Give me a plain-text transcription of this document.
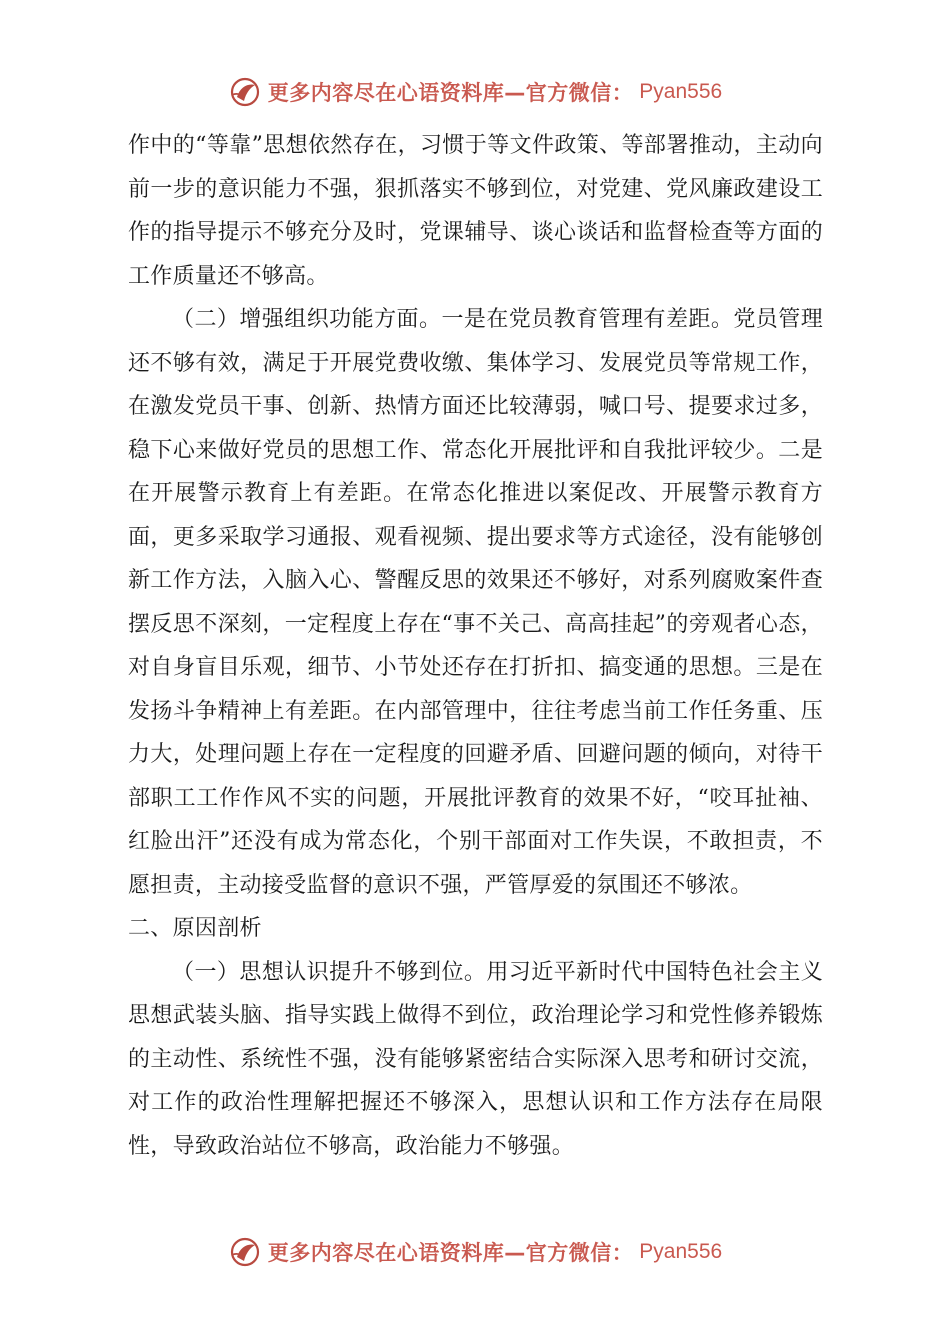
更多内容尽在心语资料库—官方微信： Pyan556

作中的“等靠”思想依然存在，习惯于等文件政策、等部署推动，主动向前一步的意识能力不强，狠抓落实不够到位，对党建、党风廉政建设工作的指导提示不够充分及时，党课辅导、谈心谈话和监督检查等方面的工作质量还不够高。

（二）增强组织功能方面。一是在党员教育管理有差距。党员管理还不够有效，满足于开展党费收缴、集体学习、发展党员等常规工作，在激发党员干事、创新、热情方面还比较薄弱，喊口号、提要求过多，稳下心来做好党员的思想工作、常态化开展批评和自我批评较少。二是在开展警示教育上有差距。在常态化推进以案促改、开展警示教育方面，更多采取学习通报、观看视频、提出要求等方式途径，没有能够创新工作方法，入脑入心、警醒反思的效果还不够好，对系列腐败案件查摆反思不深刻，一定程度上存在“事不关己、高高挂起”的旁观者心态，对自身盲目乐观，细节、小节处还存在打折扣、搞变通的思想。三是在发扬斗争精神上有差距。在内部管理中，往往考虑当前工作任务重、压力大，处理问题上存在一定程度的回避矛盾、回避问题的倾向，对待干部职工工作作风不实的问题，开展批评教育的效果不好，“咬耳扯袖、红脸出汗”还没有成为常态化，个别干部面对工作失误，不敢担责，不愿担责，主动接受监督的意识不强，严管厚爱的氛围还不够浓。

二、原因剖析

（一）思想认识提升不够到位。用习近平新时代中国特色社会主义思想武装头脑、指导实践上做得不到位，政治理论学习和党性修养锻炼的主动性、系统性不强，没有能够紧密结合实际深入思考和研讨交流，对工作的政治性理解把握还不够深入，思想认识和工作方法存在局限性，导致政治站位不够高，政治能力不够强。

更多内容尽在心语资料库—官方微信： Pyan556
